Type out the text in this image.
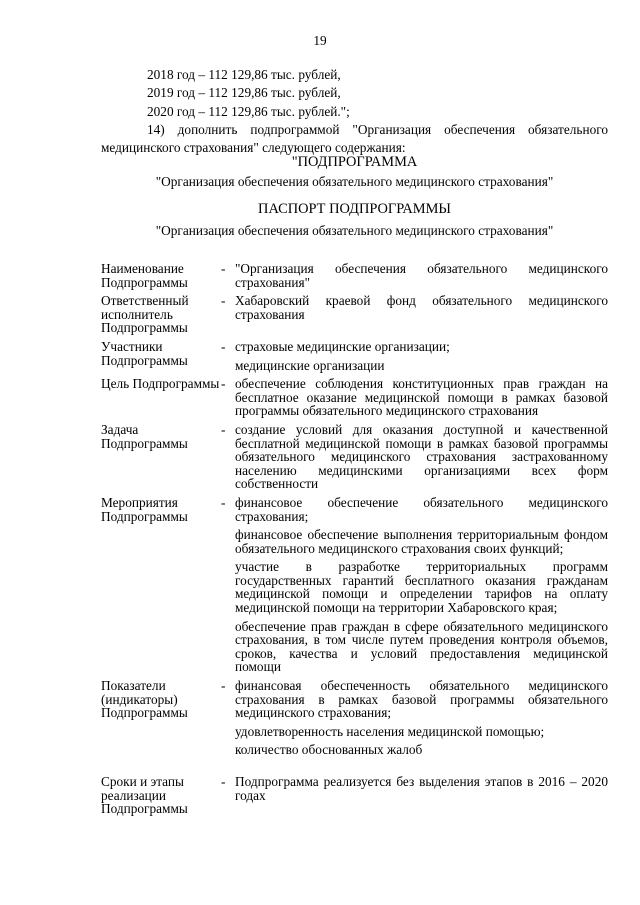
19

2018 год – 112 129,86 тыс. рублей,

2019 год – 112 129,86 тыс. рублей,

2020 год – 112 129,86 тыс. рублей.";

14) дополнить подпрограммой "Организация обеспечения обязательного медицинского страхования" следующего содержания:

"ПОДПРОГРАММА

"Организация обеспечения обязательного медицинского страхования"

ПАСПОРТ ПОДПРОГРАММЫ

"Организация обеспечения обязательного медицинского страхования"

Наименование Подпрограммы
- "Организация обеспечения обязательного медицинского страхования"

Ответственный исполнитель Подпрограммы
- Хабаровский краевой фонд обязательного медицинского страхования

Участники Подпрограммы
- страховые медицинские организации;

медицинские организации

Цель Подпрограммы - обеспечение соблюдения конституционных прав граждан на бесплатное оказание медицинской помощи в рамках базовой программы обязательного медицинского страхования

Задача Подпрограммы
- создание условий для оказания доступной и качественной бесплатной медицинской помощи в рамках базовой программы обязательного медицинского страхования застрахованному населению медицинскими организациями всех форм собственности

Мероприятия Подпрограммы
- финансовое обеспечение обязательного медицинского страхования;

финансовое обеспечение выполнения территориальным фондом обязательного медицинского страхования своих функций;

участие в разработке территориальных программ государственных гарантий бесплатного оказания гражданам медицинской помощи и определении тарифов на оплату медицинской помощи на территории Хабаровского края;

обеспечение прав граждан в сфере обязательного медицинского страхования, в том числе путем проведения контроля объемов, сроков, качества и условий предоставления медицинской помощи

Показатели (индикаторы) Подпрограммы
- финансовая обеспеченность обязательного медицинского страхования в рамках базовой программы обязательного медицинского страхования;

удовлетворенность населения медицинской помощью;

количество обоснованных жалоб

Сроки и этапы реализации Подпрограммы
- Подпрограмма реализуется без выделения этапов в 2016 – 2020 годах
